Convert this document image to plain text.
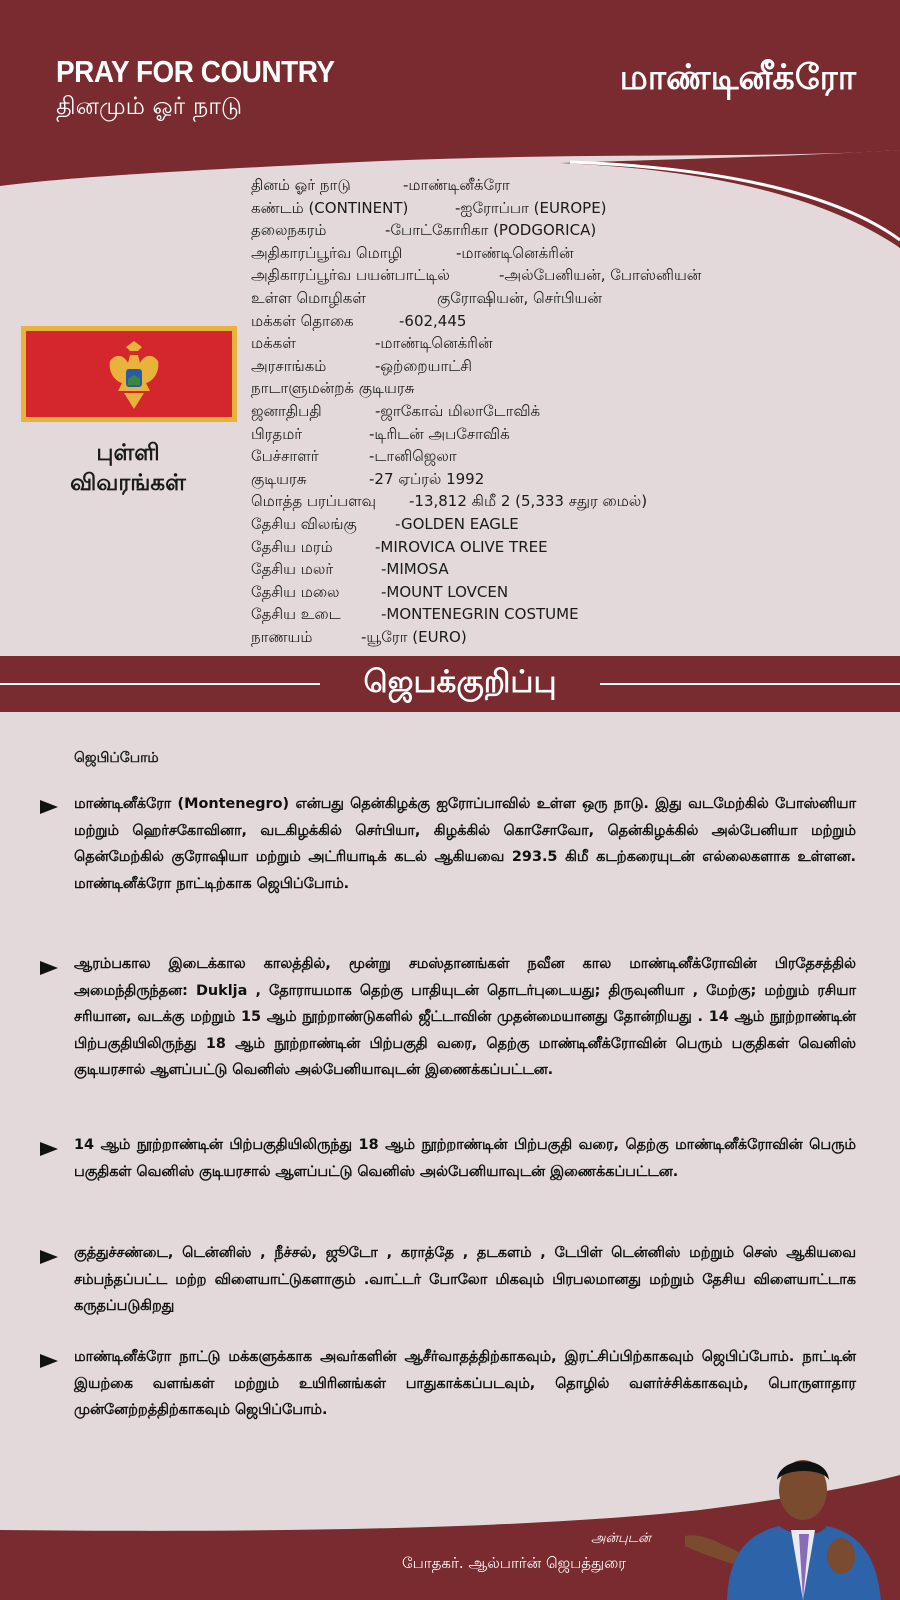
PRAY FOR COUNTRY
தினமும் ஓர் நாடு
மாண்டினீக்ரோ
புள்ளி
விவரங்கள்
தினம் ஓர் நாடு	-மாண்டினீக்ரோ
கண்டம் (CONTINENT)	-ஐரோப்பா (EUROPE)
தலைநகரம்	-போட்கோரிகா (PODGORICA)
அதிகாரப்பூர்வ மொழி	-மாண்டினெக்ரின்
அதிகாரப்பூர்வ பயன்பாட்டில்	-அல்பேனியன், போஸ்னியன்
உள்ள மொழிகள்	குரோஷியன், செர்பியன்
மக்கள் தொகை	-602,445
மக்கள்	-மாண்டினெக்ரின்
அரசாங்கம்	-ஒற்றையாட்சி
நாடாளுமன்றக் குடியரசு
ஜனாதிபதி	-ஜாகோவ் மிலாடோவிக்
பிரதமர்	-டிரிடன் அபசோவிக்
பேச்சாளர்	-டானிஜெலா
குடியரசு	-27 ஏப்ரல் 1992
மொத்த பரப்பளவு -13,812 கிமீ 2 (5,333 சதுர மைல்)
தேசிய விலங்கு	-GOLDEN EAGLE
தேசிய மரம்	-MIROVICA OLIVE TREE
தேசிய மலர்	-MIMOSA
தேசிய மலை	-MOUNT LOVCEN
தேசிய உடை	-MONTENEGRIN COSTUME
நாணயம்	-யூரோ (EURO)
ஜெபக்குறிப்பு
ஜெபிப்போம்
மாண்டினீக்ரோ (Montenegro) என்பது தென்கிழக்கு ஐரோப்பாவில் உள்ள ஒரு நாடு. இது வடமேற்கில் போஸ்னியா மற்றும் ஹெர்சகோவினா, வடகிழக்கில் செர்பியா, கிழக்கில் கொசோவோ, தென்கிழக்கில் அல்பேனியா மற்றும் தென்மேற்கில் குரோஷியா மற்றும் அட்ரியாடிக் கடல் ஆகியவை 293.5 கிமீ கடற்கரையுடன் எல்லைகளாக உள்ளன. மாண்டினீக்ரோ நாட்டிற்காக ஜெபிப்போம்.
ஆரம்பகால இடைக்கால காலத்தில், மூன்று சமஸ்தானங்கள் நவீன கால மாண்டினீக்ரோவின் பிரதேசத்தில் அமைந்திருந்தன: Duklja , தோராயமாக தெற்கு பாதியுடன் தொடர்புடையது; திருவுனியா , மேற்கு; மற்றும் ரசியா சரியான, வடக்கு மற்றும் 15 ஆம் நூற்றாண்டுகளில் ஜீட்டாவின் முதன்மையானது தோன்றியது . 14 ஆம் நூற்றாண்டின் பிற்பகுதியிலிருந்து 18 ஆம் நூற்றாண்டின் பிற்பகுதி வரை, தெற்கு மாண்டினீக்ரோவின் பெரும் பகுதிகள் வெனிஸ் குடியரசால் ஆளப்பட்டு வெனிஸ் அல்பேனியாவுடன் இணைக்கப்பட்டன.
14 ஆம் நூற்றாண்டின் பிற்பகுதியிலிருந்து 18 ஆம் நூற்றாண்டின் பிற்பகுதி வரை, தெற்கு மாண்டினீக்ரோவின் பெரும் பகுதிகள் வெனிஸ் குடியரசால் ஆளப்பட்டு வெனிஸ் அல்பேனியாவுடன் இணைக்கப்பட்டன.
குத்துச்சண்டை, டென்னிஸ் , நீச்சல், ஜூடோ , கராத்தே , தடகளம் , டேபிள் டென்னிஸ் மற்றும் செஸ் ஆகியவை சம்பந்தப்பட்ட மற்ற விளையாட்டுகளாகும் .வாட்டர் போலோ மிகவும் பிரபலமானது மற்றும் தேசிய விளையாட்டாக கருதப்படுகிறது
மாண்டினீக்ரோ நாட்டு மக்களுக்காக அவர்களின் ஆசீர்வாதத்திற்காகவும், இரட்சிப்பிற்காகவும் ஜெபிப்போம். நாட்டின் இயற்கை வளங்கள் மற்றும் உயிரினங்கள் பாதுகாக்கப்படவும், தொழில் வளர்ச்சிக்காகவும், பொருளாதார முன்னேற்றத்திற்காகவும் ஜெபிப்போம்.
அன்புடன்
போதகர். ஆல்பார்ன் ஜெபத்துரை
